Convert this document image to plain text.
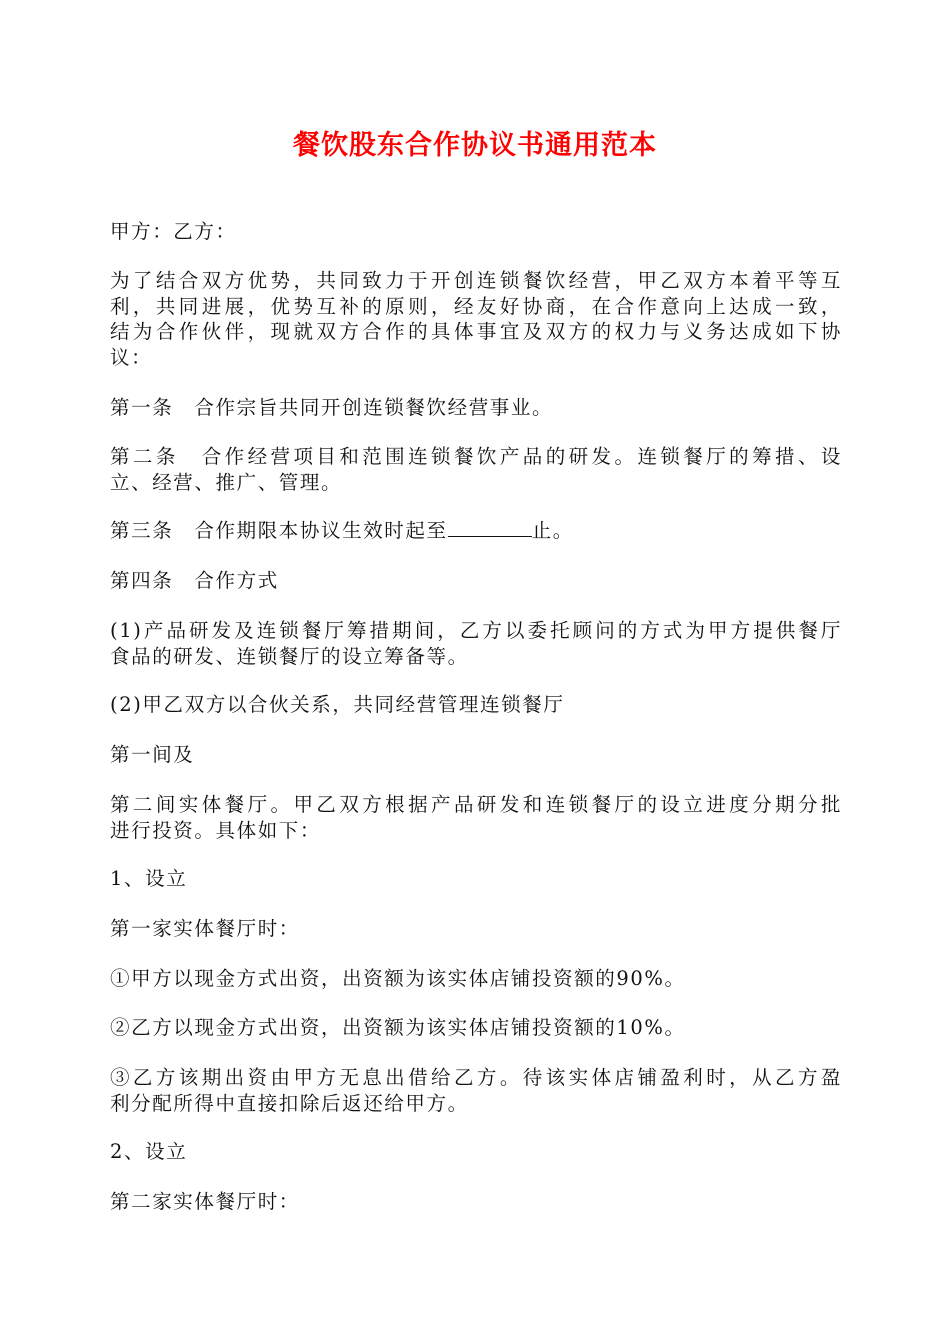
餐饮股东合作协议书通用范本
甲方：乙方：
为了结合双方优势，共同致力于开创连锁餐饮经营，甲乙双方本着平等互
利，共同进展，优势互补的原则，经友好协商，在合作意向上达成一致，
结为合作伙伴，现就双方合作的具体事宜及双方的权力与义务达成如下协
议：
第一条　合作宗旨共同开创连锁餐饮经营事业。
第二条　合作经营项目和范围连锁餐饮产品的研发。连锁餐厅的筹措、设
立、经营、推广、管理。
第三条　合作期限本协议生效时起至	止。
第四条　合作方式
(1)产品研发及连锁餐厅筹措期间，乙方以委托顾问的方式为甲方提供餐厅
食品的研发、连锁餐厅的设立筹备等。
(2)甲乙双方以合伙关系，共同经营管理连锁餐厅
第一间及
第二间实体餐厅。甲乙双方根据产品研发和连锁餐厅的设立进度分期分批
进行投资。具体如下：
1、设立
第一家实体餐厅时：
①甲方以现金方式出资，出资额为该实体店铺投资额的90%。
②乙方以现金方式出资，出资额为该实体店铺投资额的10%。
③乙方该期出资由甲方无息出借给乙方。待该实体店铺盈利时，从乙方盈
利分配所得中直接扣除后返还给甲方。
2、设立
第二家实体餐厅时：
